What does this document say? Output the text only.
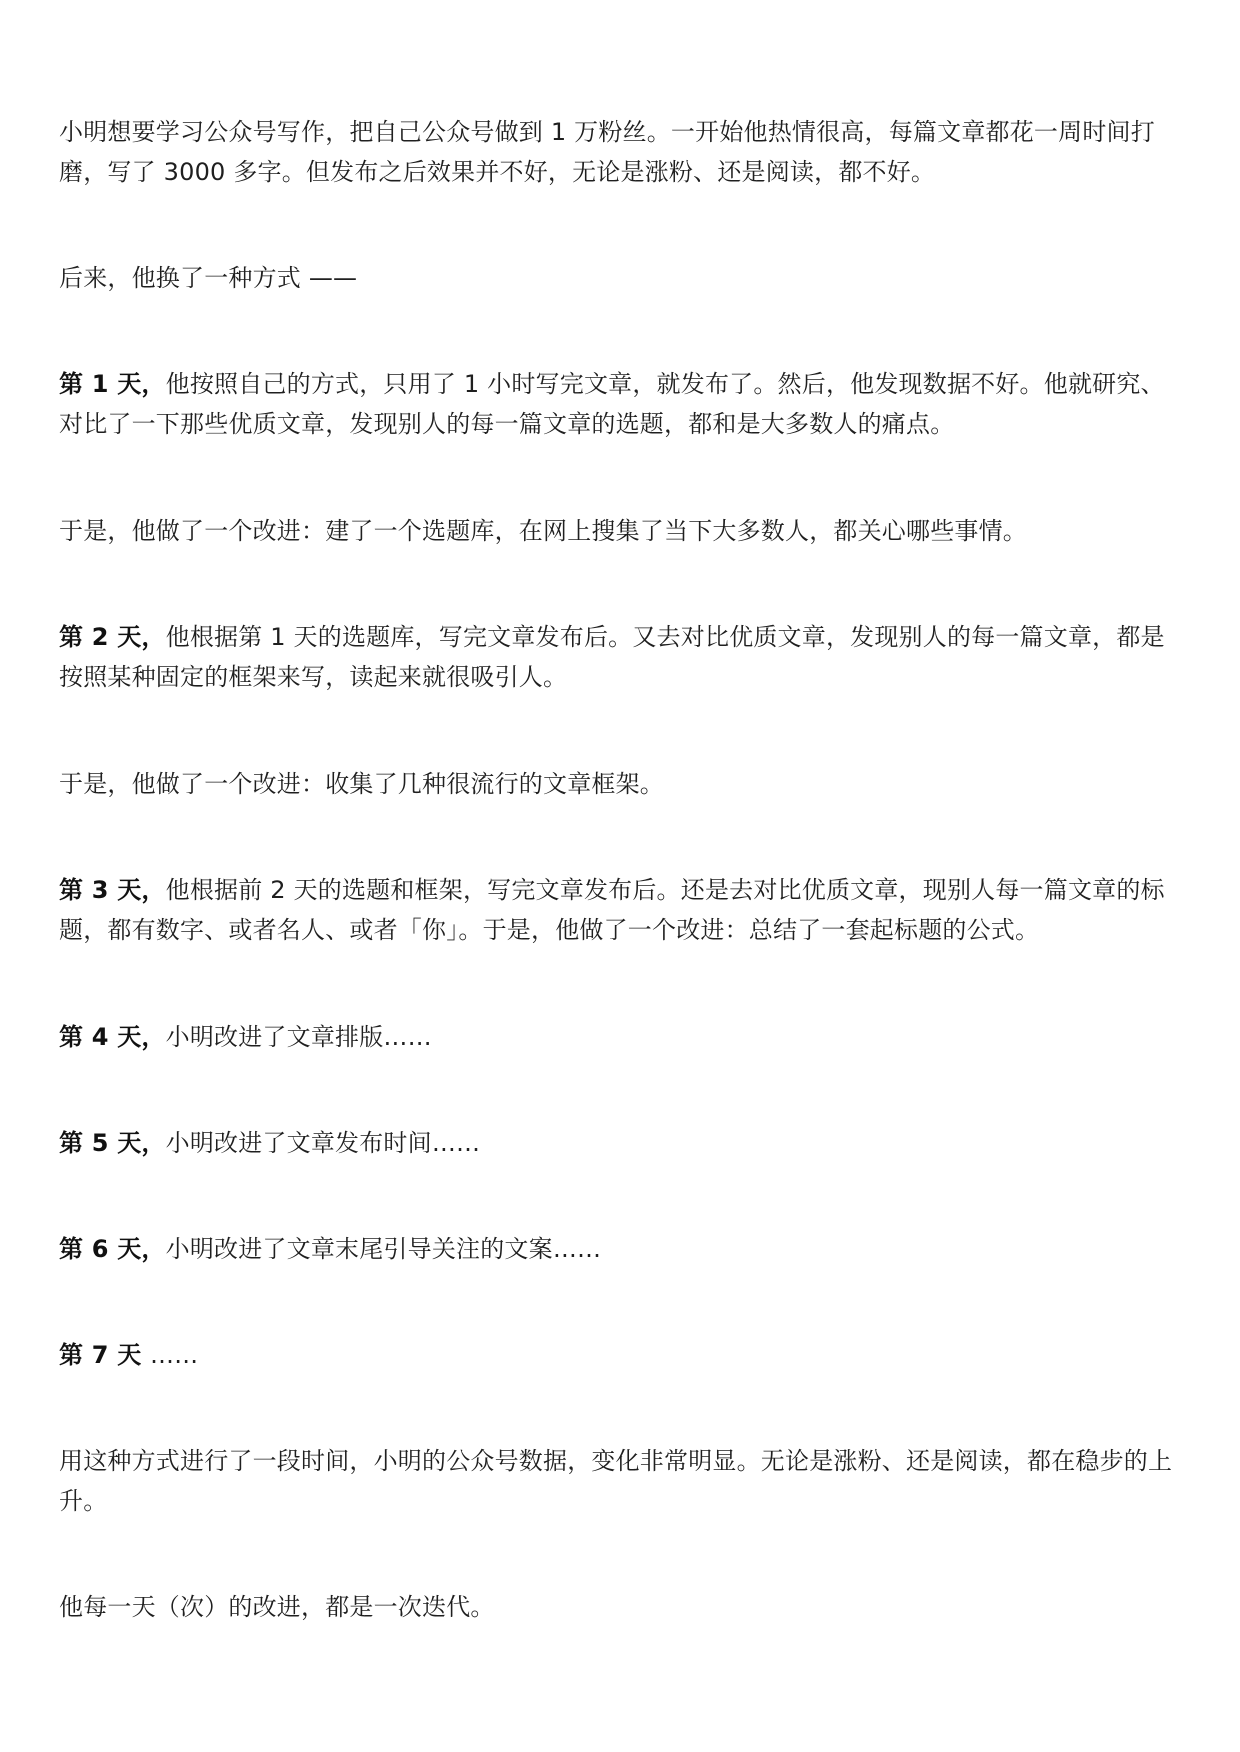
小明想要学习公众号写作，把自己公众号做到 1 万粉丝。一开始他热情很高，每篇文章都花一周时间打磨，写了 3000 多字。但发布之后效果并不好，无论是涨粉、还是阅读，都不好。

后来，他换了一种方式 ——

第 1 天，他按照自己的方式，只用了 1 小时写完文章，就发布了。然后，他发现数据不好。他就研究、对比了一下那些优质文章，发现别人的每一篇文章的选题，都和是大多数人的痛点。

于是，他做了一个改进：建了一个选题库，在网上搜集了当下大多数人，都关心哪些事情。

第 2 天，他根据第 1 天的选题库，写完文章发布后。又去对比优质文章，发现别人的每一篇文章，都是按照某种固定的框架来写，读起来就很吸引人。

于是，他做了一个改进：收集了几种很流行的文章框架。

第 3 天，他根据前 2 天的选题和框架，写完文章发布后。还是去对比优质文章，现别人每一篇文章的标题，都有数字、或者名人、或者「你」。于是，他做了一个改进：总结了一套起标题的公式。

第 4 天，小明改进了文章排版……

第 5 天，小明改进了文章发布时间……

第 6 天，小明改进了文章末尾引导关注的文案……

第 7 天 ……

用这种方式进行了一段时间，小明的公众号数据，变化非常明显。无论是涨粉、还是阅读，都在稳步的上升。

他每一天（次）的改进，都是一次迭代。
